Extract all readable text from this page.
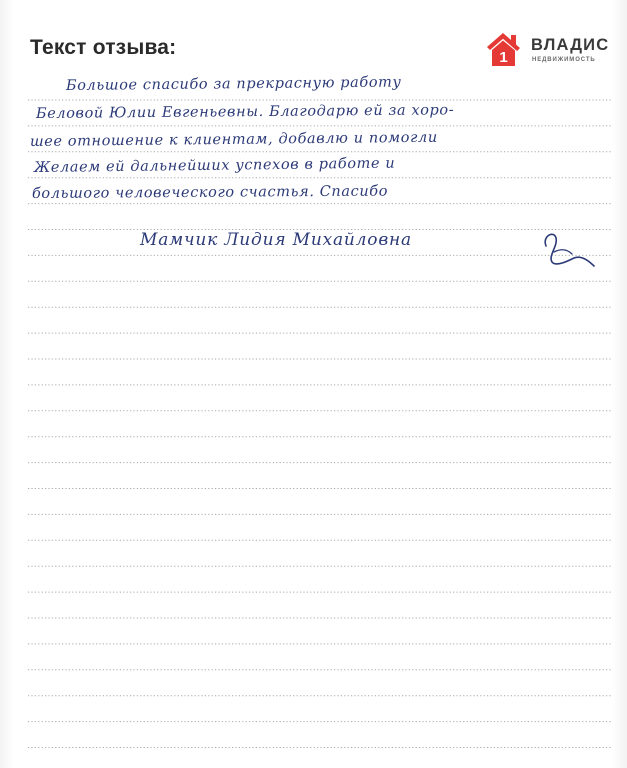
Текст отзыва:	1
ВЛАДИС
НЕДВИЖИМОСТЬ
Большое спасибо за прекрасную работу
Беловой Юлии Евгеньевны. Благодарю ей за хоро-
шее отношение к клиентам, добавлю и помогли
Желаем ей дальнейших успехов в работе и
большого человеческого счастья. Спасибо
Мамчик Лидия Михайловна
